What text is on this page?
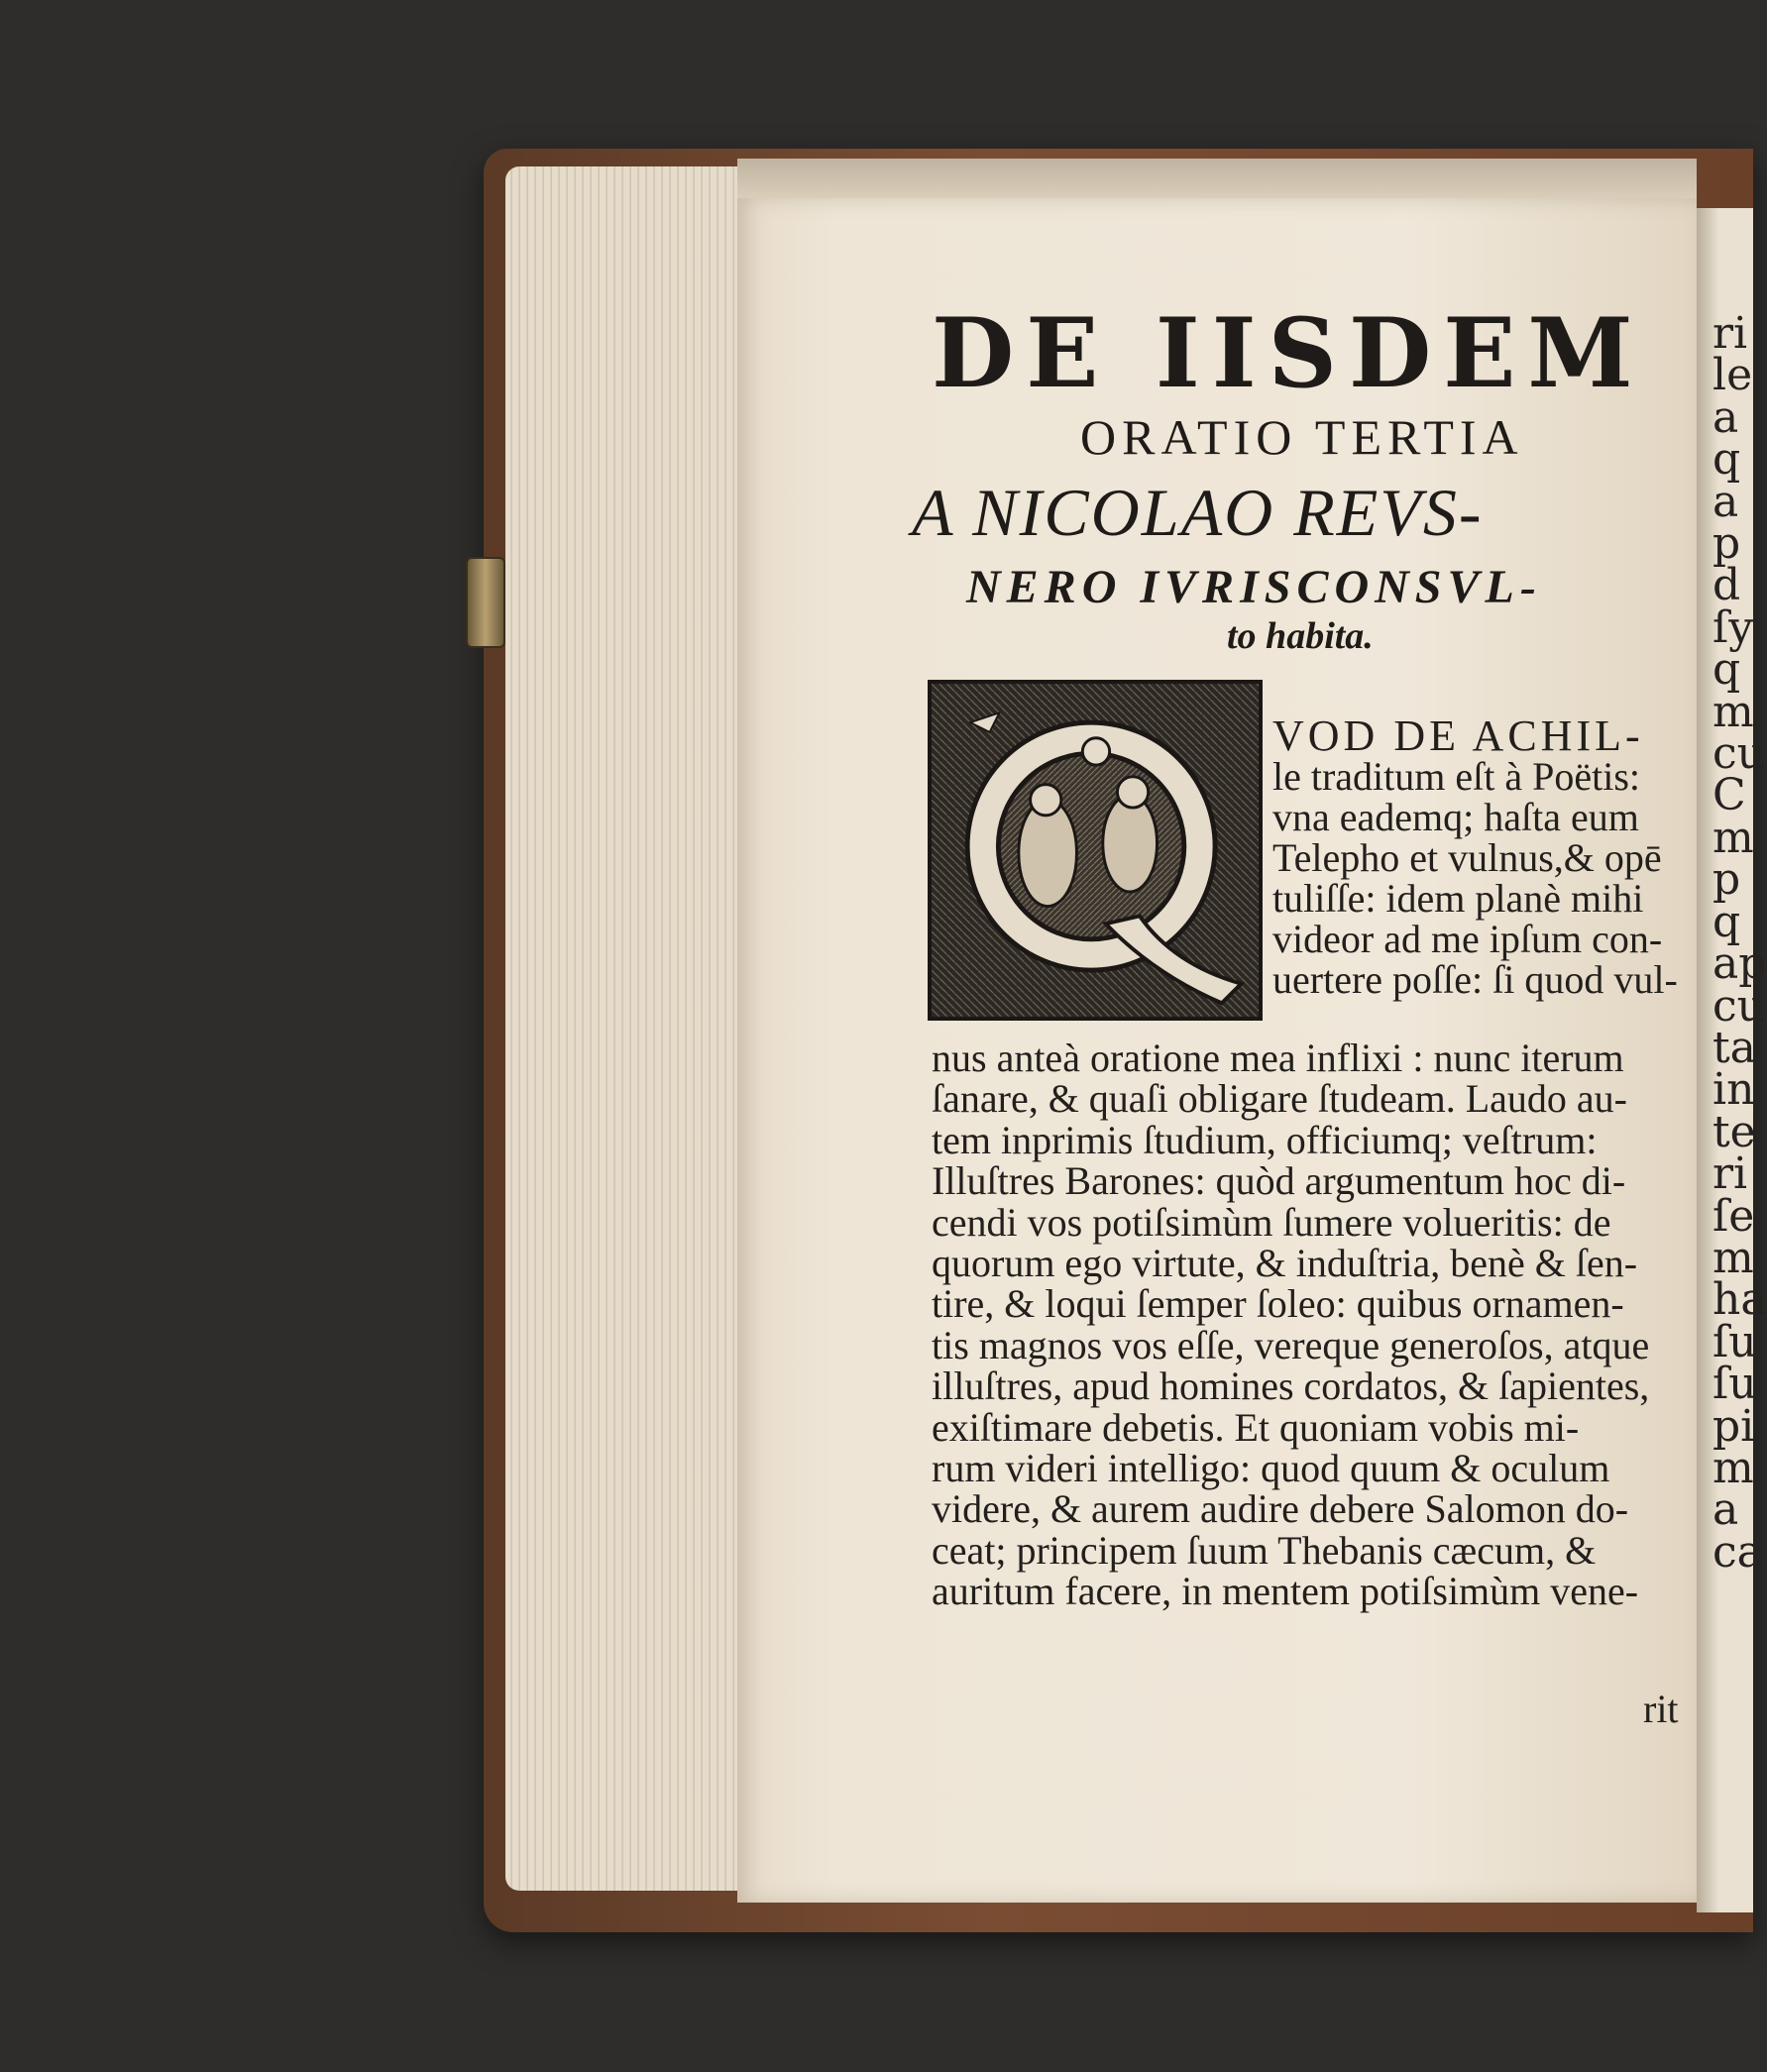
ri
le
a
q
a
p
d
ſy
q
m
cu
C
m
p
q
ap
cu
ta
in
te
ri
ſe
m
ha
ſu
ſu
pi
m
a
ca
DE IISDEM
ORATIO TERTIA
A NICOLAO REVS-
NERO IVRISCONSVL-
to habita.
VOD DE ACHIL-
le traditum eſt à Poëtis:
vna eademq; haſta eum
Telepho et vulnus,& opē
tuliſſe: idem planè mihi
videor ad me ipſum con-
uertere poſſe: ſi quod vul-
nus anteà oratione mea inflixi : nunc iterum
ſanare, & quaſi obligare ſtudeam. Laudo au-
tem inprimis ſtudium, officiumq; veſtrum:
Illuſtres Barones: quòd argumentum hoc di-
cendi vos potiſsimùm ſumere volueritis: de
quorum ego virtute, & induſtria, benè & ſen-
tire, & loqui ſemper ſoleo: quibus ornamen-
tis magnos vos eſſe, vereque generoſos, atque
illuſtres, apud homines cordatos, & ſapientes,
exiſtimare debetis. Et quoniam vobis mi-
rum videri intelligo: quod quum & oculum
videre, & aurem audire debere Salomon do-
ceat; principem ſuum Thebanis cæcum, &
auritum facere, in mentem potiſsimùm vene-
rit
